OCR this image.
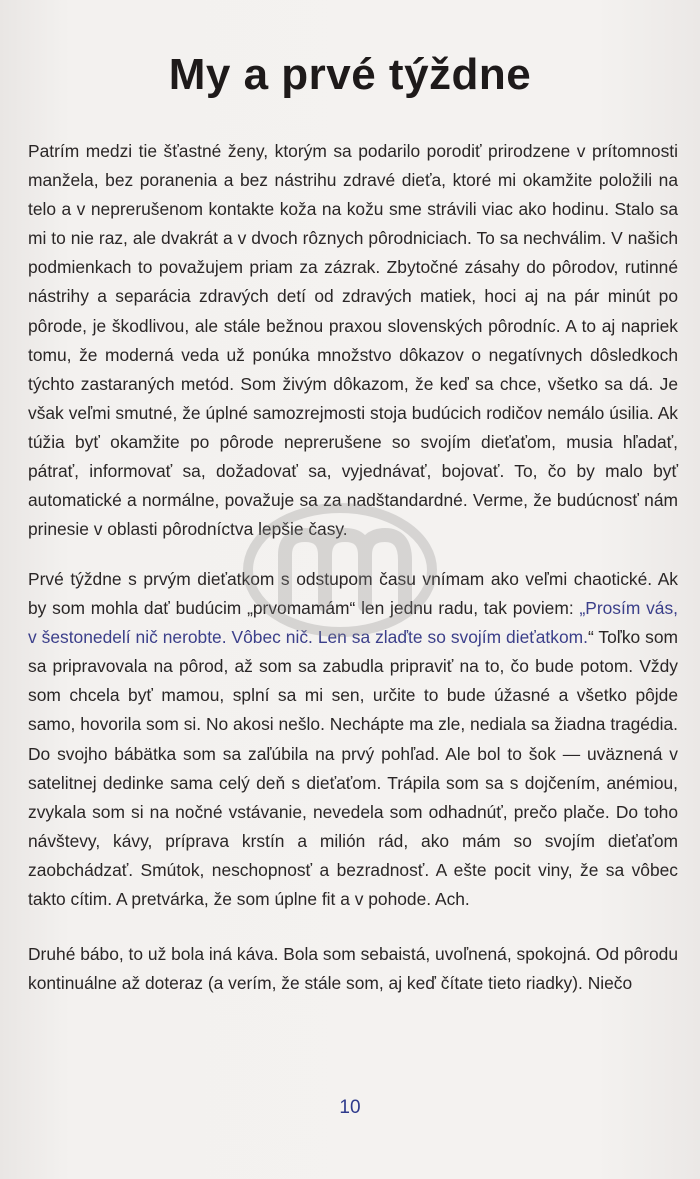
My a prvé týždne

Patrím medzi tie šťastné ženy, ktorým sa podarilo porodiť prirodzene v prítomnosti manžela, bez poranenia a bez nástrihu zdravé dieťa, ktoré mi okamžite položili na telo a v neprerušenom kontakte koža na kožu sme strávili viac ako hodinu. Stalo sa mi to nie raz, ale dvakrát a v dvoch rôznych pôrodniciach. To sa nechválim. V našich podmienkach to považujem priam za zázrak. Zbytočné zásahy do pôrodov, rutinné nástrihy a separácia zdravých detí od zdravých matiek, hoci aj na pár minút po pôrode, je škodlivou, ale stále bežnou praxou slovenských pôrodníc. A to aj napriek tomu, že moderná veda už ponúka množstvo dôkazov o negatívnych dôsledkoch týchto zastaraných metód. Som živým dôkazom, že keď sa chce, všetko sa dá. Je však veľmi smutné, že úplné samozrejmosti stoja budúcich rodičov nemálo úsilia. Ak túžia byť okamžite po pôrode neprerušene so svojím dieťaťom, musia hľadať, pátrať, informovať sa, dožadovať sa, vyjednávať, bojovať. To, čo by malo byť automatické a normálne, považuje sa za nadštandardné. Verme, že budúcnosť nám prinesie v oblasti pôrodníctva lepšie časy.

Prvé týždne s prvým dieťatkom s odstupom času vnímam ako veľmi chaotické. Ak by som mohla dať budúcim „prvomamám“ len jednu radu, tak poviem: „Prosím vás, v šestonedelí nič nerobte. Vôbec nič. Len sa zlaďte so svojím dieťatkom.“ Toľko som sa pripravovala na pôrod, až som sa zabudla pripraviť na to, čo bude potom. Vždy som chcela byť mamou, splní sa mi sen, určite to bude úžasné a všetko pôjde samo, hovorila som si. No akosi nešlo. Nechápte ma zle, nediala sa žiadna tragédia. Do svojho bábätka som sa zaľúbila na prvý pohľad. Ale bol to šok — uväznená v satelitnej dedinke sama celý deň s dieťaťom. Trápila som sa s dojčením, anémiou, zvykala som si na nočné vstávanie, nevedela som odhadnúť, prečo plače. Do toho návštevy, kávy, príprava krstín a milión rád, ako mám so svojím dieťaťom zaobchádzať. Smútok, neschopnosť a bezradnosť. A ešte pocit viny, že sa vôbec takto cítim. A pretvárka, že som úplne fit a v pohode. Ach.

Druhé bábo, to už bola iná káva. Bola som sebaistá, uvoľnená, spokojná. Od pôrodu kontinuálne až doteraz (a verím, že stále som, aj keď čítate tieto riadky). Niečo

10
